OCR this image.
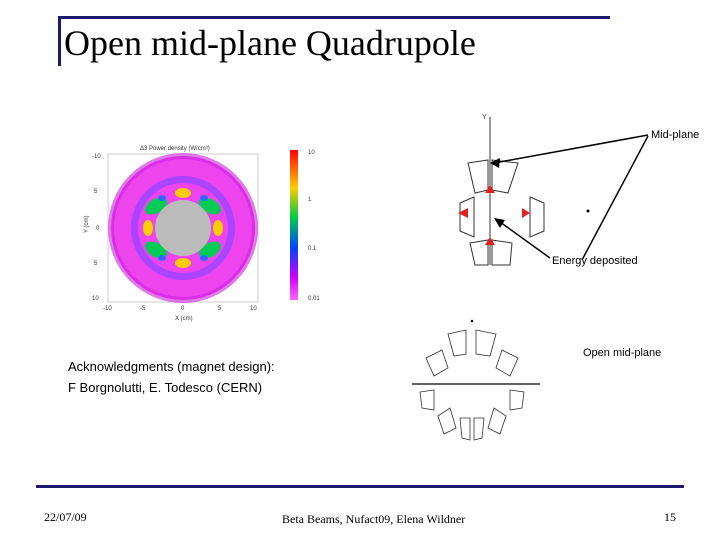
Open mid-plane Quadrupole
Δ3 Power density (W/cm³)
10
1
0.1
0.01
-10
5
0
5
10
Y (cm)
-10	-5	0	5	10
X (cm)
Y
Mid-plane
Energy deposited
Open mid-plane
Acknowledgments (magnet design):
F Borgnolutti, E. Todesco (CERN)
22/07/09	Beta Beams, Nufact09, Elena Wildner	15
